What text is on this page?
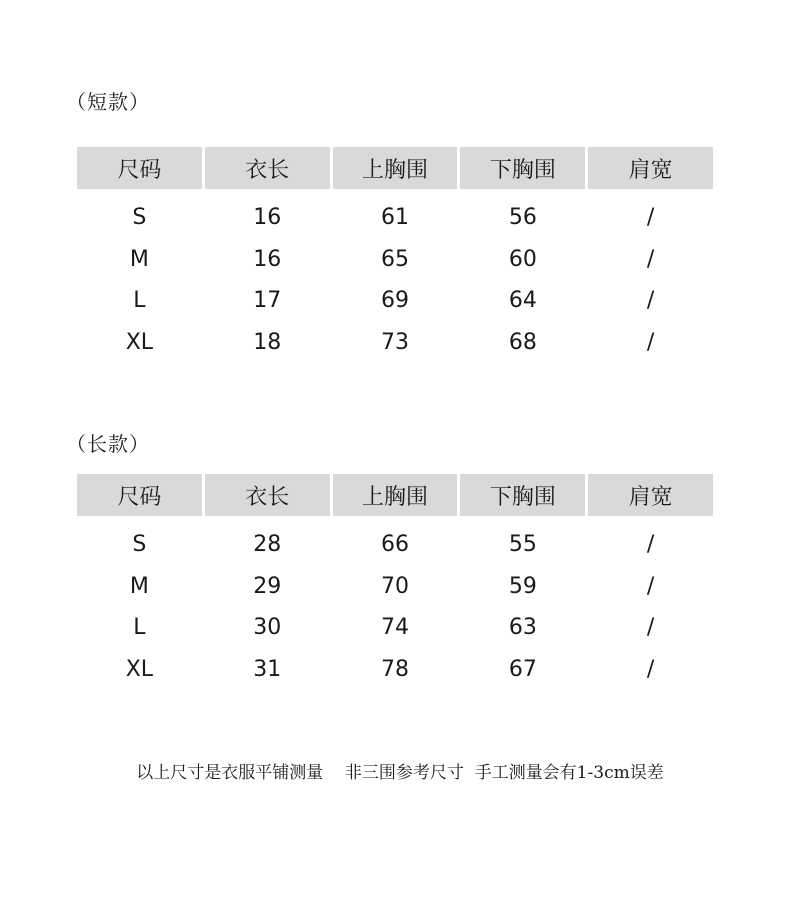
（短款）
尺码	衣长	上胸围	下胸围	肩宽
S	16	61	56	/
M	16	65	60	/
L	17	69	64	/
XL	18	73	68	/
（长款）
尺码	衣长	上胸围	下胸围	肩宽
S	28	66	55	/
M	29	70	59	/
L	30	74	63	/
XL	31	78	67	/
以上尺寸是衣服平铺测量    非三围参考尺寸  手工测量会有1-3cm误差
